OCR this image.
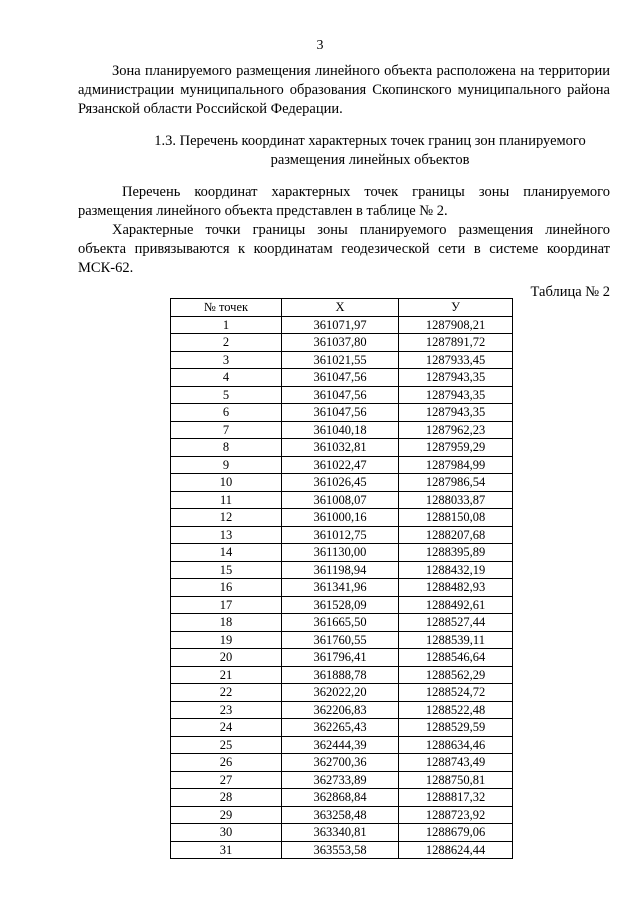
3

Зона планируемого размещения линейного объекта расположена на территории администрации муниципального образования Скопинского муниципального района Рязанской области Российской Федерации.

1.3. Перечень координат характерных точек границ зон планируемого
размещения линейных объектов

Перечень координат характерных точек границы зоны планируемого размещения линейного объекта представлен в таблице № 2.

Характерные точки границы зоны планируемого размещения линейного объекта привязываются к координатам геодезической сети в системе координат МСК-62.

Таблица № 2
№ точек	X	У
1	361071,97	1287908,21
2	361037,80	1287891,72
3	361021,55	1287933,45
4	361047,56	1287943,35
5	361047,56	1287943,35
6	361047,56	1287943,35
7	361040,18	1287962,23
8	361032,81	1287959,29
9	361022,47	1287984,99
10	361026,45	1287986,54
11	361008,07	1288033,87
12	361000,16	1288150,08
13	361012,75	1288207,68
14	361130,00	1288395,89
15	361198,94	1288432,19
16	361341,96	1288482,93
17	361528,09	1288492,61
18	361665,50	1288527,44
19	361760,55	1288539,11
20	361796,41	1288546,64
21	361888,78	1288562,29
22	362022,20	1288524,72
23	362206,83	1288522,48
24	362265,43	1288529,59
25	362444,39	1288634,46
26	362700,36	1288743,49
27	362733,89	1288750,81
28	362868,84	1288817,32
29	363258,48	1288723,92
30	363340,81	1288679,06
31	363553,58	1288624,44
